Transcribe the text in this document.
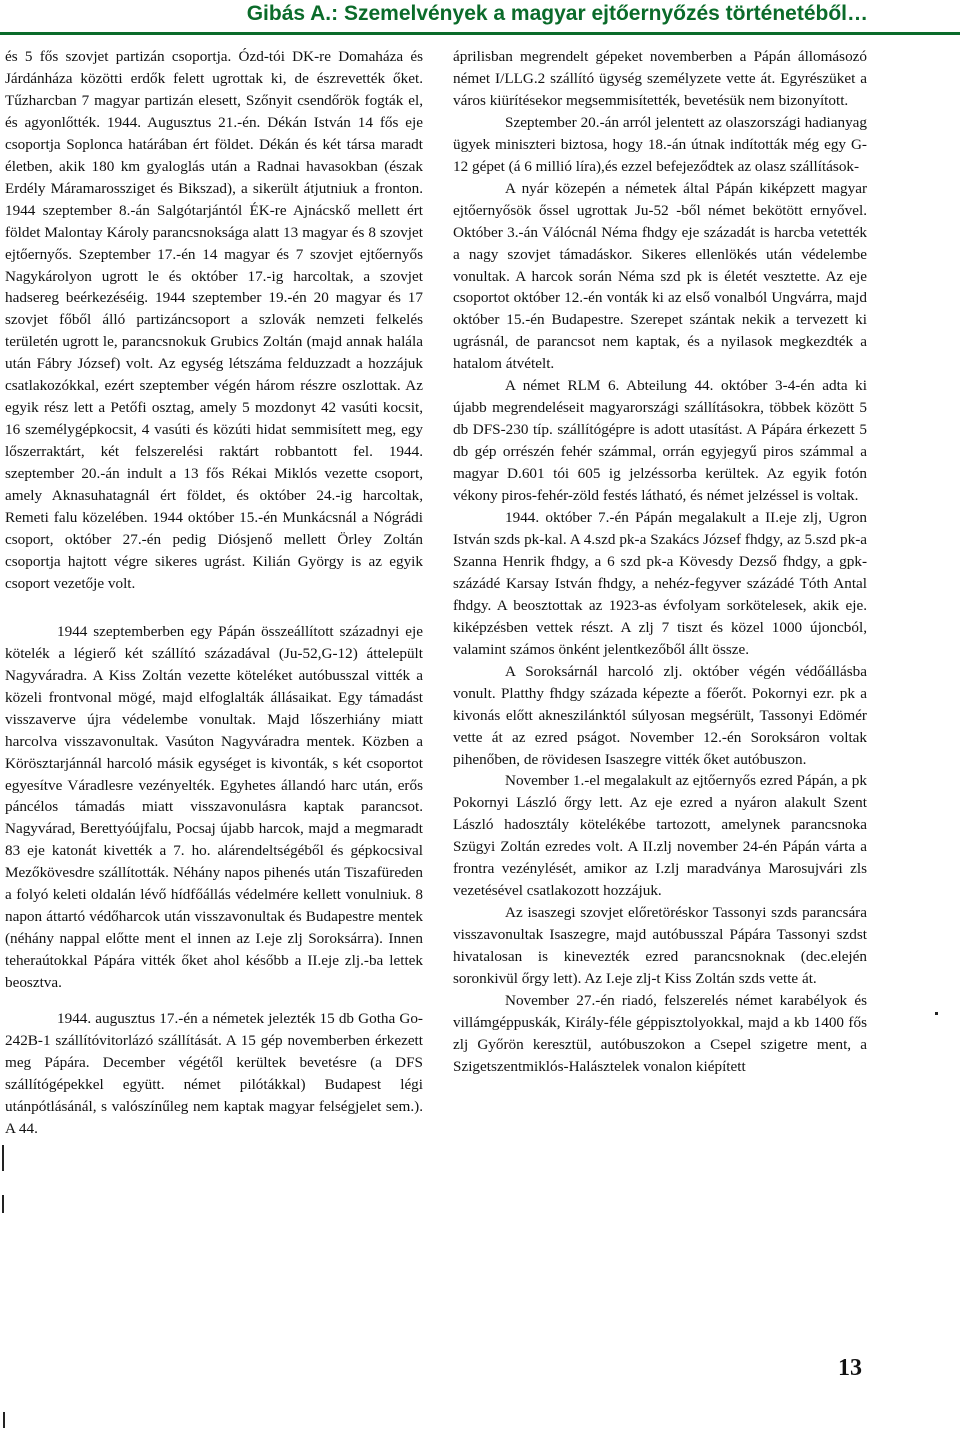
Gibás A.: Szemelvények a magyar ejtőernyőzés történetéből…

és 5 fős szovjet partizán csoportja. Ózd-tói DK-re Domaháza és Járdánháza közötti erdők felett ugrottak ki, de észrevették őket. Tűzharcban 7 magyar partizán elesett, Szőnyit csendőrök fogták el, és agyonlőtték. 1944. Augusztus 21.-én. Dékán István 14 fős eje csoportja Soplonca határában ért földet. Dékán és két társa maradt életben, akik 180 km gyaloglás után a Radnai havasokban (észak Erdély Máramarossziget és Bikszad), a sikerült átjutniuk a fronton. 1944 szeptember 8.-án Salgótarjántól ÉK-re Ajnácskő mellett ért földet Malontay Károly parancsnoksága alatt 13 magyar és 8 szovjet ejtőernyős. Szeptember 17.-én 14 magyar és 7 szovjet ejtőernyős Nagykárolyon ugrott le és október 17.-ig harcoltak, a szovjet hadsereg beérkezéséig. 1944 szeptember 19.-én 20 magyar és 17 szovjet főből álló partizáncsoport a szlovák nemzeti felkelés területén ugrott le, parancsnokuk Grubics Zoltán (majd annak halála után Fábry József) volt. Az egység létszáma felduzzadt a hozzájuk csatlakozókkal, ezért szeptember végén három részre oszlottak. Az egyik rész lett a Petőfi osztag, amely 5 mozdonyt 42 vasúti kocsit, 16 személygépkocsit, 4 vasúti és közúti hidat semmisített meg, egy lőszerraktárt, két felszerelési raktárt robbantott fel. 1944. szeptember 20.-án indult a 13 fős Rékai Miklós vezette csoport, amely Aknasuhatagnál ért földet, és október 24.-ig harcoltak, Remeti falu közelében. 1944 október 15.-én Munkácsnál a Nógrádi csoport, október 27.-én pedig Diósjenő mellett Örley Zoltán csoportja hajtott végre sikeres ugrást. Kilián György is az egyik csoport vezetője volt.

1944 szeptemberben egy Pápán összeállított századnyi eje kötelék a légierő két szállító századával (Ju-52,G-12) áttelepült Nagyváradra. A Kiss Zoltán vezette köteléket autóbusszal vitték a közeli frontvonal mögé, majd elfoglalták állásaikat. Egy támadást visszaverve újra védelembe vonultak. Majd lőszerhiány miatt harcolva visszavonultak. Vasúton Nagyváradra mentek. Közben a Körösztarjánnál harcoló másik egységet is kivonták, s két csoportot egyesítve Váradlesre vezényelték. Egyhetes állandó harc után, erős páncélos támadás miatt visszavonulásra kaptak parancsot. Nagyvárad, Berettyóújfalu, Pocsaj újabb harcok, majd a megmaradt 83 eje katonát kivették a 7. ho. alárendeltségéből és gépkocsival Mezőkövesdre szállították. Néhány napos pihenés után Tiszafüreden a folyó keleti oldalán lévő hídfőállás védelmére kellett vonulniuk. 8 napon áttartó védőharcok után visszavonultak és Budapestre mentek (néhány nappal előtte ment el innen az I.eje zlj Soroksárra). Innen teheraútokkal Pápára vitték őket ahol később a II.eje zlj.-ba lettek beosztva.

1944. augusztus 17.-én a németek jelezték 15 db Gotha Go-242B-1 szállítóvitorlázó szállítását. A 15 gép novemberben érkezett meg Pápára. December végétől kerültek bevetésre (a DFS szállítógépekkel együtt. német pilótákkal) Budapest légi utánpótlásánál, s valószínűleg nem kaptak magyar felségjelet sem.). A 44.

áprilisban megrendelt gépeket novemberben a Pápán állomásozó német I/LLG.2 szállító ügység személyzete vette át. Egyrészüket a város kiürítésekor megsemmisítették, bevetésük nem bizonyított.

Szeptember 20.-án arról jelentett az olaszországi hadianyag ügyek miniszteri biztosa, hogy 18.-án útnak indították még egy G-12 gépet (á 6 millió líra),és ezzel befejeződtek az olasz szállítások-

A nyár közepén a németek által Pápán kiképzett magyar ejtőernyősök őssel ugrottak Ju-52 -ből német bekötött ernyővel. Október 3.-án Válócnál Néma fhdgy eje századát is harcba vetették a nagy szovjet támadáskor. Sikeres ellenlökés után védelembe vonultak. A harcok során Néma szd pk is életét vesztette. Az eje csoportot október 12.-én vonták ki az első vonalból Ungvárra, majd október 15.-én Budapestre. Szerepet szántak nekik a tervezett ki ugrásnál, de parancsot nem kaptak, és a nyilasok megkezdték a hatalom átvételt.

A német RLM 6. Abteilung 44. október 3-4-én adta ki újabb megrendeléseit magyarországi szállításokra, többek között 5 db DFS-230 típ. szállítógépre is adott utasítást. A Pápára érkezett 5 db gép orrészén fehér számmal, orrán egyjegyű piros számmal a magyar D.601 tói 605 ig jelzéssorba kerültek. Az egyik fotón vékony piros-fehér-zöld festés látható, és német jelzéssel is voltak.

1944. október 7.-én Pápán megalakult a II.eje zlj, Ugron István szds pk-kal. A 4.szd pk-a Szakács József fhdgy, az 5.szd pk-a Szanna Henrik fhdgy, a 6 szd pk-a Kövesdy Dezső fhdgy, a gpk-százádé Karsay István fhdgy, a nehéz-fegyver százádé Tóth Antal fhdgy. A beosztottak az 1923-as évfolyam sorkötelesek, akik eje. kiképzésben vettek részt. A zlj 7 tiszt és közel 1000 újoncból, valamint számos önként jelentkezőből állt össze.

A Soroksárnál harcoló zlj. október végén védőállásba vonult. Platthy fhdgy százada képezte a főerőt. Pokornyi ezr. pk a kivonás előtt akneszilánktól súlyosan megsérült, Tassonyi Edömér vette át az ezred pságot. November 12.-én Soroksáron voltak pihenőben, de rövidesen Isaszegre vitték őket autóbuszon.

November 1.-el megalakult az ejtőernyős ezred Pápán, a pk Pokornyi László őrgy lett. Az eje ezred a nyáron alakult Szent László hadosztály kötelékébe tartozott, amelynek parancsnoka Szügyi Zoltán ezredes volt. A II.zlj november 24-én Pápán várta a frontra vezénylését, amikor az I.zlj maradványa Marosujvári zls vezetésével csatlakozott hozzájuk.

Az isaszegi szovjet előretöréskor Tassonyi szds parancsára visszavonultak Isaszegre, majd autóbusszal Pápára Tassonyi szdst hivatalosan is kinevezték ezred parancsnoknak (dec.elején soronkivül őrgy lett). Az I.eje zlj-t Kiss Zoltán szds vette át.

November 27.-én riadó, felszerelés német karabélyok és villámgéppuskák, Király-féle géppisztolyokkal, majd a kb 1400 fős zlj Győrön keresztül, autóbuszokon a Csepel szigetre ment, a Szigetszentmiklós-Halásztelek vonalon kiépített

13
